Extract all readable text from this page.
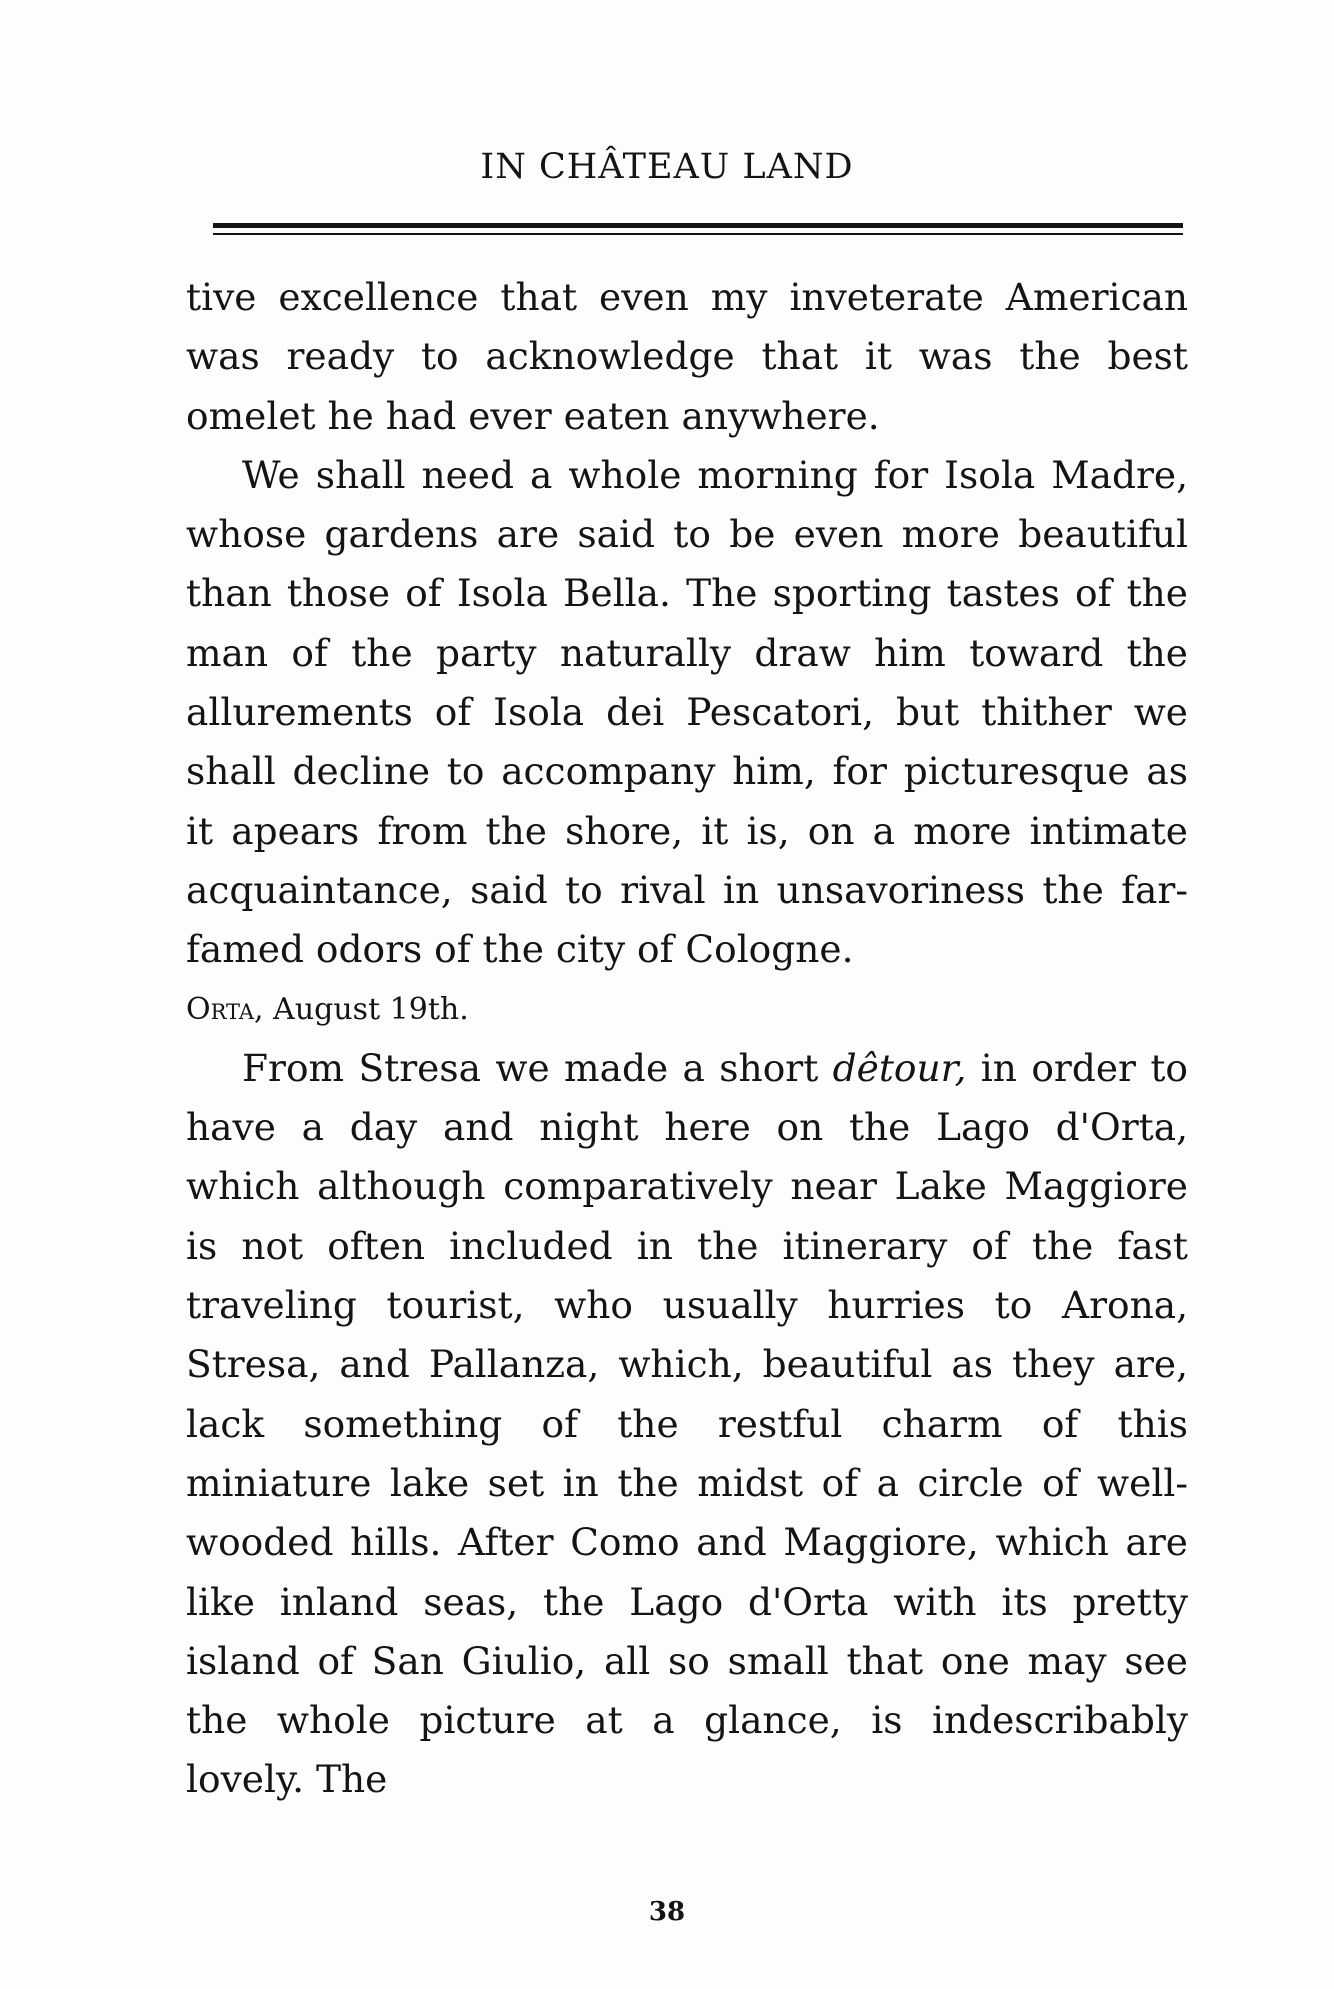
IN CHÂTEAU LAND

tive excellence that even my inveterate American was ready to acknowledge that it was the best omelet he had ever eaten anywhere.

We shall need a whole morning for Isola Madre, whose gardens are said to be even more beautiful than those of Isola Bella. The sporting tastes of the man of the party naturally draw him toward the allurements of Isola dei Pescatori, but thither we shall decline to accompany him, for picturesque as it apears from the shore, it is, on a more intimate acquaintance, said to rival in unsavoriness the far-famed odors of the city of Cologne.

Orta, August 19th.

From Stresa we made a short dêtour, in order to have a day and night here on the Lago d'Orta, which although comparatively near Lake Maggiore is not often included in the itinerary of the fast traveling tourist, who usually hurries to Arona, Stresa, and Pallanza, which, beautiful as they are, lack something of the restful charm of this miniature lake set in the midst of a circle of well-wooded hills. After Como and Maggiore, which are like inland seas, the Lago d'Orta with its pretty island of San Giulio, all so small that one may see the whole picture at a glance, is indescribably lovely. The

38
